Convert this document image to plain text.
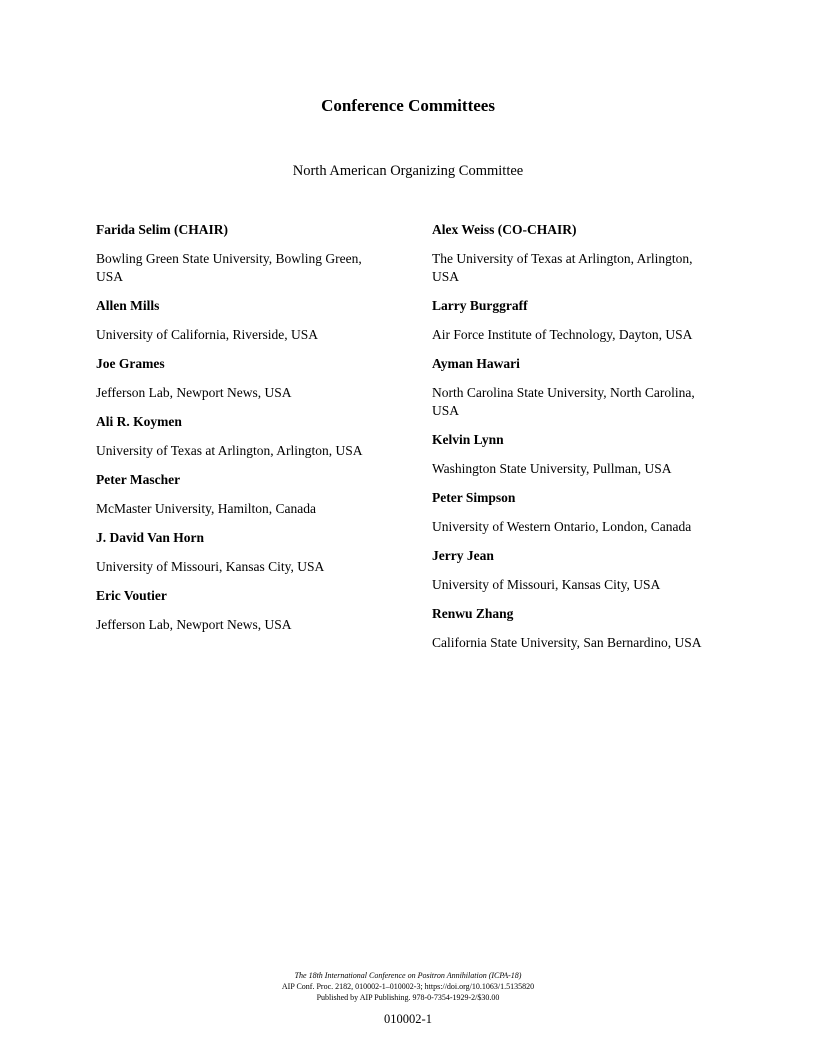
Conference Committees
North American Organizing Committee
Farida Selim (CHAIR)
Bowling Green State University, Bowling Green, USA
Allen Mills
University of California, Riverside, USA
Joe Grames
Jefferson Lab, Newport News, USA
Ali R. Koymen
University of Texas at Arlington, Arlington, USA
Peter Mascher
McMaster University, Hamilton, Canada
J. David Van Horn
University of Missouri, Kansas City, USA
Eric Voutier
Jefferson Lab, Newport News, USA
Alex Weiss (CO-CHAIR)
The University of Texas at Arlington, Arlington, USA
Larry Burggraff
Air Force Institute of Technology, Dayton, USA
Ayman Hawari
North Carolina State University, North Carolina, USA
Kelvin Lynn
Washington State University, Pullman, USA
Peter Simpson
University of Western Ontario, London, Canada
Jerry Jean
University of Missouri, Kansas City, USA
Renwu Zhang
California State University, San Bernardino, USA
The 18th International Conference on Positron Annihilation (ICPA-18)
AIP Conf. Proc. 2182, 010002-1–010002-3; https://doi.org/10.1063/1.5135820
Published by AIP Publishing. 978-0-7354-1929-2/$30.00
010002-1
